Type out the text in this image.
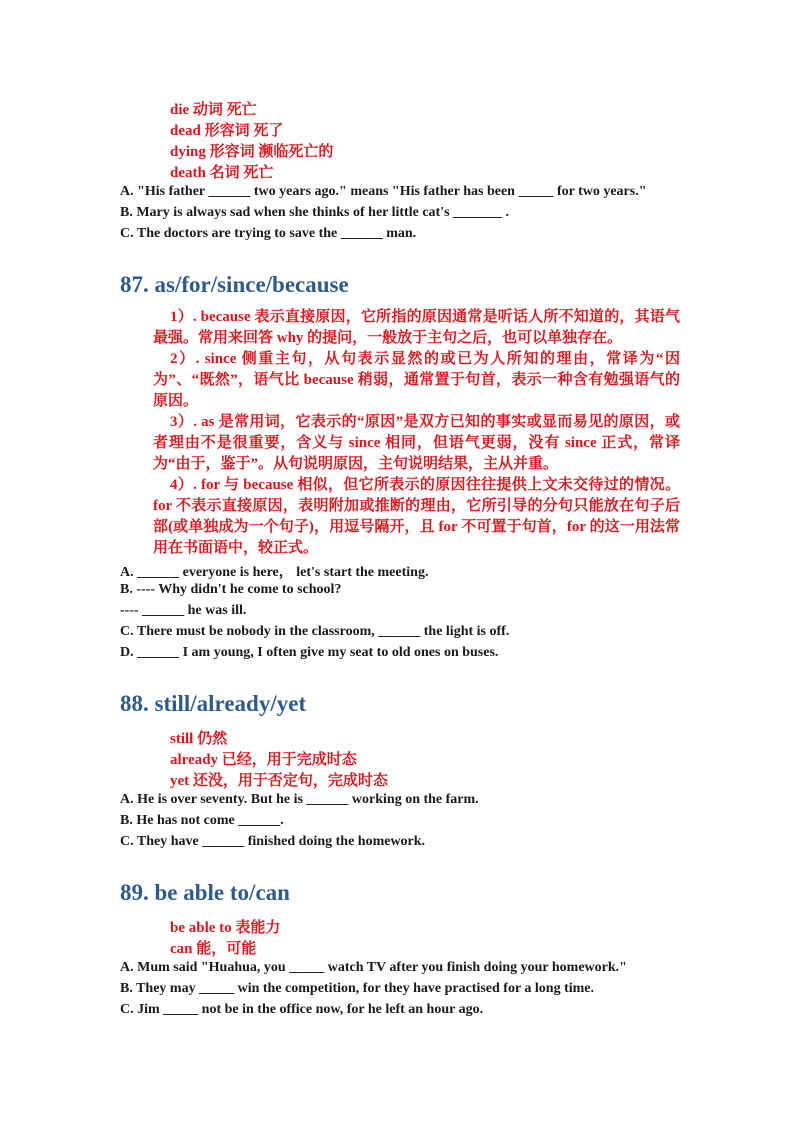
die 动词 死亡
dead 形容词 死了
dying 形容词 濒临死亡的
death 名词 死亡
A. "His father ______ two years ago." means "His father has been _____ for two years."
B. Mary is always sad when she thinks of her little cat's _______ .
C. The doctors are trying to save the ______ man.
87. as/for/since/because

1）. because 表示直接原因，它所指的原因通常是听话人所不知道的，其语气最强。常用来回答 why 的提问，一般放于主句之后，也可以单独存在。

2）. since 侧重主句，从句表示显然的或已为人所知的理由，常译为“因为”、“既然”，语气比 because 稍弱，通常置于句首，表示一种含有勉强语气的原因。

3）. as 是常用词，它表示的“原因”是双方已知的事实或显而易见的原因，或者理由不是很重要，含义与 since 相同，但语气更弱，没有 since 正式，常译为“由于，鉴于”。从句说明原因，主句说明结果，主从并重。

4）. for 与 because 相似，但它所表示的原因往往提供上文未交待过的情况。for 不表示直接原因，表明附加或推断的理由，它所引导的分句只能放在句子后部(或单独成为一个句子)，用逗号隔开，且 for 不可置于句首，for 的这一用法常用在书面语中，较正式。

A. ______ everyone is here， let's start the meeting.
B. ---- Why didn't he come to school?
---- ______ he was ill.
C. There must be nobody in the classroom, ______ the light is off.
D. ______ I am young, I often give my seat to old ones on buses.
88. still/already/yet
still 仍然
already 已经，用于完成时态
yet 还没，用于否定句，完成时态
A. He is over seventy. But he is ______ working on the farm.
B. He has not come ______.
C. They have ______ finished doing the homework.
89. be able to/can
be able to 表能力
can 能，可能
A. Mum said "Huahua, you _____ watch TV after you finish doing your homework."
B. They may _____ win the competition, for they have practised for a long time.
C. Jim _____ not be in the office now, for he left an hour ago.
